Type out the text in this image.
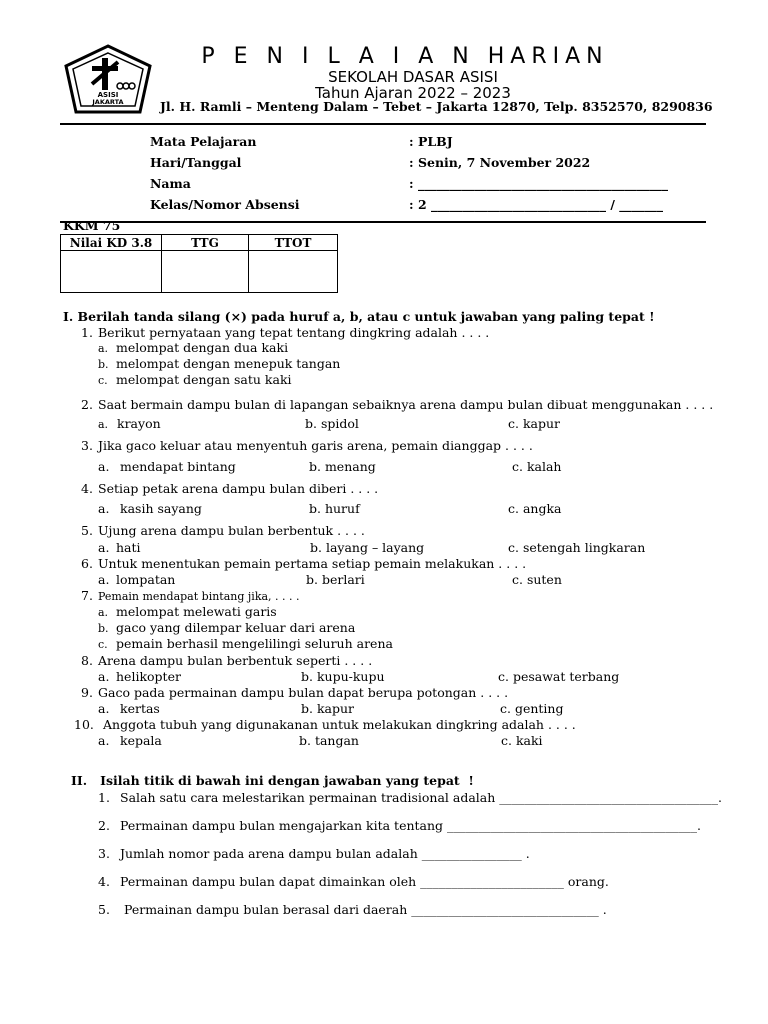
ASISI
JAKARTA
P E N I L A I A N HARIAN
SEKOLAH DASAR ASISI
Tahun Ajaran 2022 – 2023
Jl. H. Ramli – Menteng Dalam – Tebet – Jakarta 12870, Telp. 8352570, 8290836
Mata Pelajaran	: PLBJ
Hari/Tanggal	: Senin, 7 November 2022
Nama	: ________________________________________
Kelas/Nomor Absensi	: 2 ____________________________ / _______
KKM 75
Nilai KD 3.8	TTG	TTOT

I. Berilah tanda silang (×) pada huruf a, b, atau c untuk jawaban yang paling tepat !
1. Berikut pernyataan yang tepat tentang dingkring adalah . . . .
a. melompat dengan dua kaki
b. melompat dengan menepuk tangan
c. melompat dengan satu kaki
2. Saat bermain dampu bulan di lapangan sebaiknya arena dampu bulan dibuat menggunakan . . . .
a. krayon	b. spidol	c. kapur
3. Jika gaco keluar atau menyentuh garis arena, pemain dianggap . . . .
a. mendapat bintang	b. menang	c. kalah
4. Setiap petak arena dampu bulan diberi . . . .
a. kasih sayang	b. huruf	c. angka
5. Ujung arena dampu bulan berbentuk . . . .
a. hati	b. layang – layang	c. setengah lingkaran
6. Untuk menentukan pemain pertama setiap pemain melakukan . . . .
a. lompatan	b. berlari	c. suten
7. Pemain mendapat bintang jika, . . . .
a. melompat melewati garis
b. gaco yang dilempar keluar dari arena
c. pemain berhasil mengelilingi seluruh arena
8. Arena dampu bulan berbentuk seperti . . . .
a. helikopter	b. kupu-kupu	c. pesawat terbang
9. Gaco pada permainan dampu bulan dapat berupa potongan . . . .
a. kertas	b. kapur	c. genting
10. Anggota tubuh yang digunakanan untuk melakukan dingkring adalah . . . .
a. kepala	b. tangan	c. kaki
II.   Isilah titik di bawah ini dengan jawaban yang tepat  !
1. Salah satu cara melestarikan permainan tradisional adalah ___________________________________.
2. Permainan dampu bulan mengajarkan kita tentang ________________________________________.
3. Jumlah nomor pada arena dampu bulan adalah ________________ .
4. Permainan dampu bulan dapat dimainkan oleh _______________________ orang.
5. Permainan dampu bulan berasal dari daerah ______________________________ .
